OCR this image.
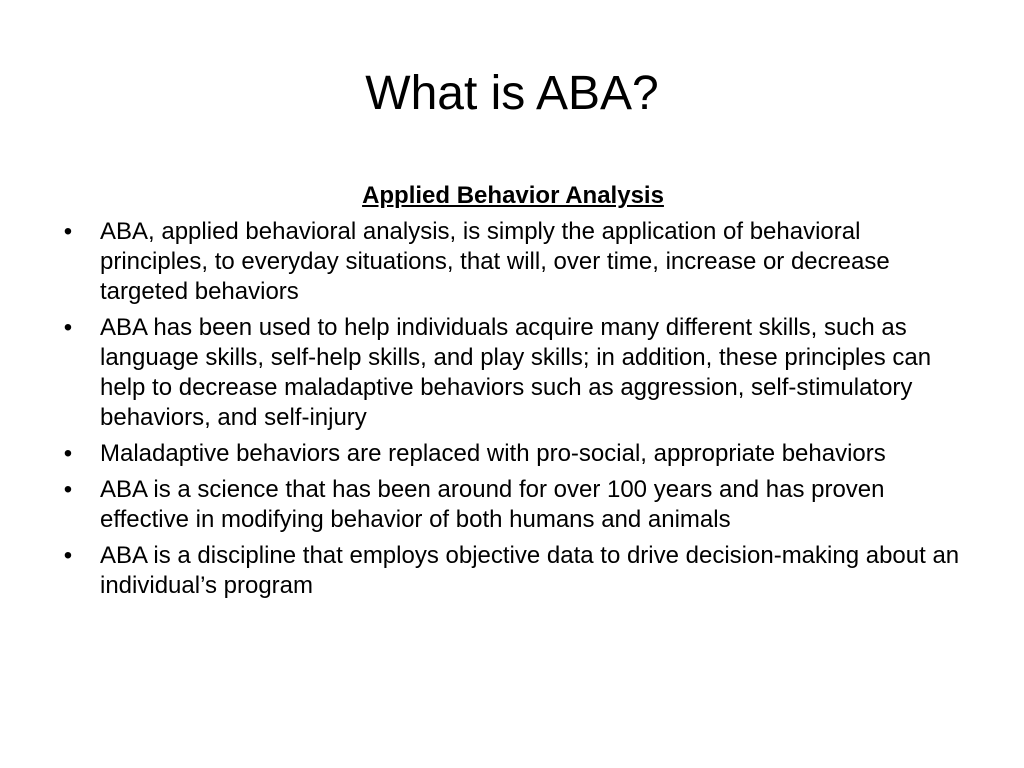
What is ABA?
Applied Behavior Analysis
• ABA, applied behavioral analysis, is simply the application of behavioral principles, to everyday situations, that will, over time, increase or decrease targeted behaviors
• ABA has been used to help individuals acquire many different skills, such as language skills, self-help skills, and play skills; in addition, these principles can help to decrease maladaptive behaviors such as aggression, self-stimulatory behaviors, and self-injury
• Maladaptive behaviors are replaced with pro-social, appropriate behaviors
• ABA is a science that has been around for over 100 years and has proven effective in modifying behavior of both humans and animals
• ABA is a discipline that employs objective data to drive decision-making about an individual’s program
